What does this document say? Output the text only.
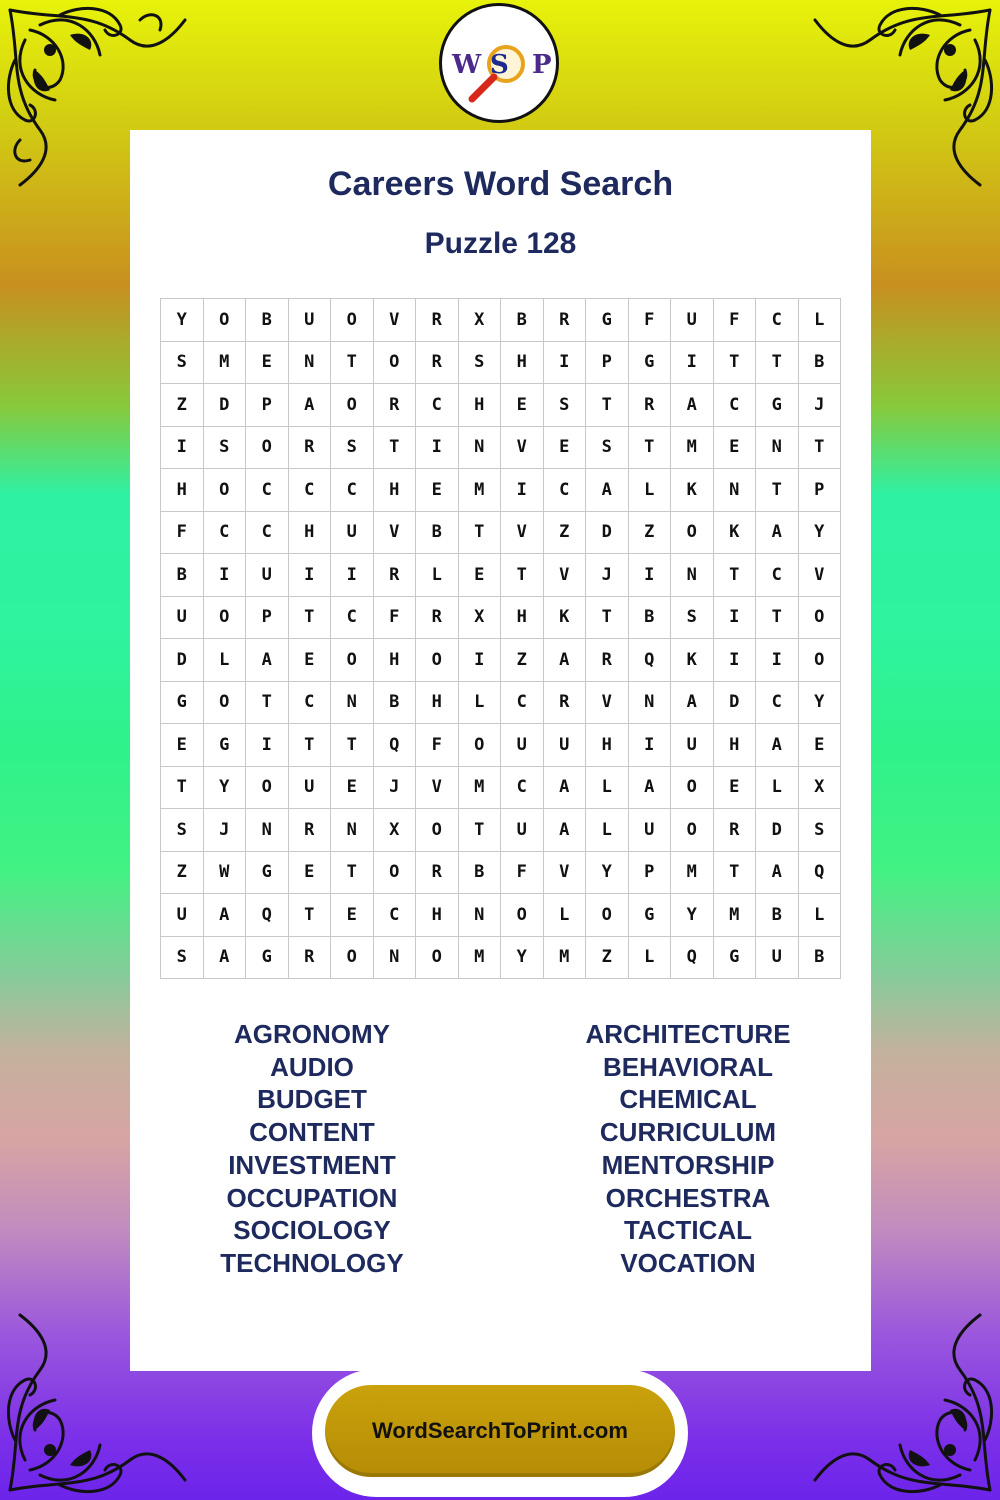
W S P
Careers Word Search
Puzzle 128
Y	O	B	U	O	V	R	X	B	R	G	F	U	F	C	L
S	M	E	N	T	O	R	S	H	I	P	G	I	T	T	B
Z	D	P	A	O	R	C	H	E	S	T	R	A	C	G	J
I	S	O	R	S	T	I	N	V	E	S	T	M	E	N	T
H	O	C	C	C	H	E	M	I	C	A	L	K	N	T	P
F	C	C	H	U	V	B	T	V	Z	D	Z	O	K	A	Y
B	I	U	I	I	R	L	E	T	V	J	I	N	T	C	V
U	O	P	T	C	F	R	X	H	K	T	B	S	I	T	O
D	L	A	E	O	H	O	I	Z	A	R	Q	K	I	I	O
G	O	T	C	N	B	H	L	C	R	V	N	A	D	C	Y
E	G	I	T	T	Q	F	O	U	U	H	I	U	H	A	E
T	Y	O	U	E	J	V	M	C	A	L	A	O	E	L	X
S	J	N	R	N	X	O	T	U	A	L	U	O	R	D	S
Z	W	G	E	T	O	R	B	F	V	Y	P	M	T	A	Q
U	A	Q	T	E	C	H	N	O	L	O	G	Y	M	B	L
S	A	G	R	O	N	O	M	Y	M	Z	L	Q	G	U	B
AGRONOMY
AUDIO
BUDGET
CONTENT
INVESTMENT
OCCUPATION
SOCIOLOGY
TECHNOLOGY
ARCHITECTURE
BEHAVIORAL
CHEMICAL
CURRICULUM
MENTORSHIP
ORCHESTRA
TACTICAL
VOCATION
WordSearchToPrint.com
